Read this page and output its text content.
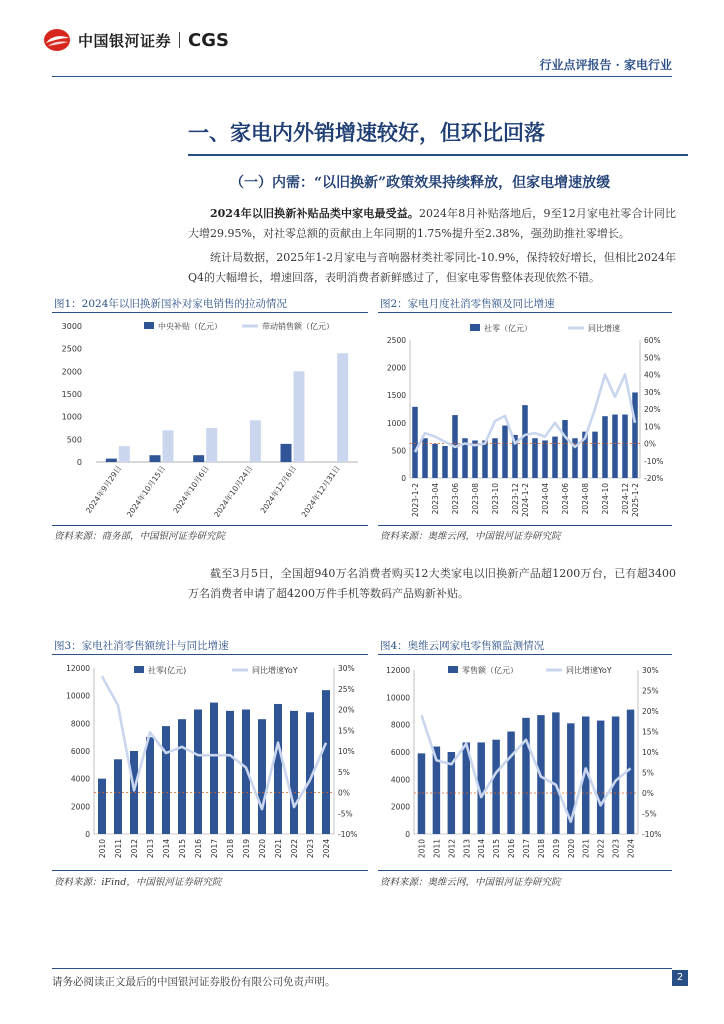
中国银河证券 CGS
行业点评报告 · 家电行业
一、家电内外销增速较好，但环比回落
（一）内需：“以旧换新”政策效果持续释放，但家电增速放缓
2024年以旧换新补贴品类中家电最受益。2024年8月补贴落地后，9至12月家电社零合计同比大增29.95%，对社零总额的贡献由上年同期的1.75%提升至2.38%，强劲助推社零增长。
统计局数据，2025年1-2月家电与音响器材类社零同比-10.9%，保持较好增长，但相比2024年Q4的大幅增长，增速回落，表明消费者新鲜感过了，但家电零售整体表现依然不错。
图1：2024年以旧换新国补对家电销售的拉动情况
0
500
1000
1500
2000
2500
3000
2024年9月29日 2024年10月15日 2024年10月6日 2024年10月24日 2024年12月6日 2024年12月31日
中央补贴（亿元）	带动销售额（亿元）
资料来源：商务部，中国银河证券研究院
图2：家电月度社消零售额及同比增速
0
500
1000
1500
2000
2500
-20%
-10%
0%
10%
20%
30%
40%
50%
60%
2023-1-2 2023-04 2023-06 2023-08 2023-10 2023-12 2024-1-2 2024-04 2024-06 2024-08 2024-10 2024-12 2025-1-2
社零（亿元）	同比增速
资料来源：奥维云网，中国银河证券研究院
截至3月5日，全国超940万名消费者购买12大类家电以旧换新产品超1200万台，已有超3400万名消费者申请了超4200万件手机等数码产品购新补贴。
图3：家电社消零售额统计与同比增速
0
2000
4000
6000
8000
10000
12000
-10%
-5%
0%
5%
10%
15%
20%
25%
30%
2010 2011 2012 2013 2014 2015 2016 2017 2018 2019 2020 2021 2022 2023 2024
社零(亿元)	同比增速YoY
资料来源：iFind，中国银河证券研究院
图4：奥维云网家电零售额监测情况
0
2000
4000
6000
8000
10000
12000
-10%
-5%
0%
5%
10%
15%
20%
25%
30%
2010 2011 2012 2013 2014 2015 2016 2017 2018 2019 2020 2021 2022 2023 2024
零售额（亿元）	同比增速YoY
资料来源：奥维云网，中国银河证券研究院
请务必阅读正文最后的中国银河证券股份有限公司免责声明。	2
